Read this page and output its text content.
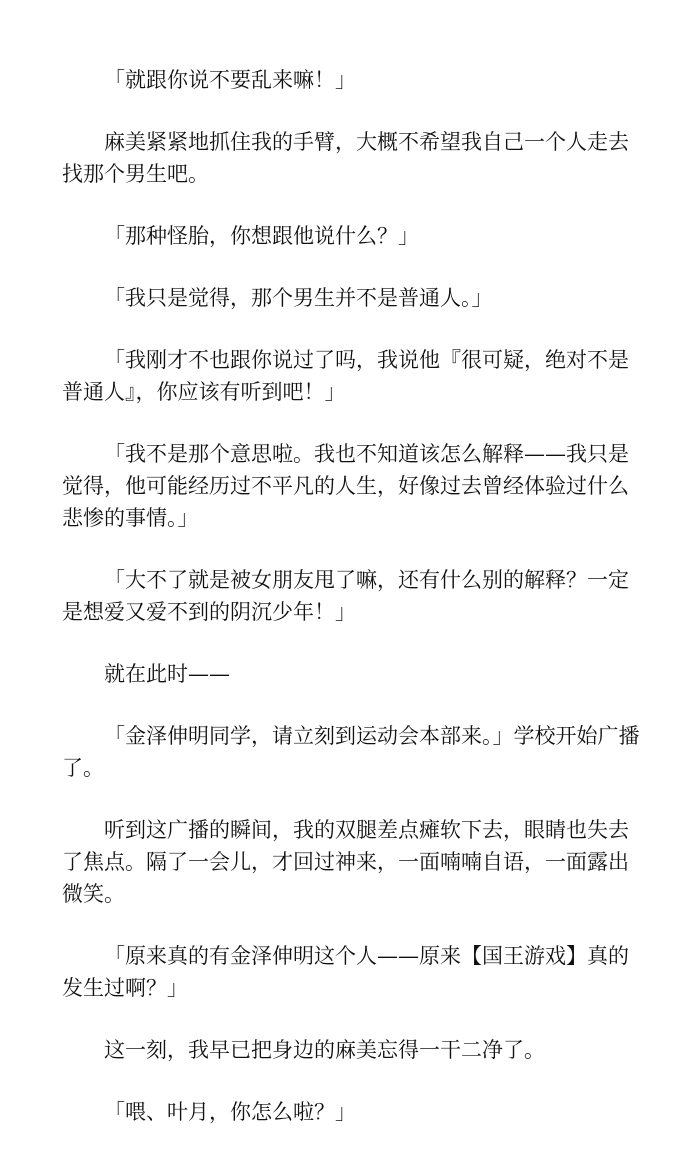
「就跟你说不要乱来嘛！」

麻美紧紧地抓住我的手臂，大概不希望我自己一个人走去找那个男生吧。

「那种怪胎，你想跟他说什么？」

「我只是觉得，那个男生并不是普通人。」

「我刚才不也跟你说过了吗，我说他『很可疑，绝对不是普通人』，你应该有听到吧！」

「我不是那个意思啦。我也不知道该怎么解释——我只是觉得，他可能经历过不平凡的人生，好像过去曾经体验过什么悲惨的事情。」

「大不了就是被女朋友甩了嘛，还有什么别的解释？一定是想爱又爱不到的阴沉少年！」

就在此时——

「金泽伸明同学，请立刻到运动会本部来。」学校开始广播了。

听到这广播的瞬间，我的双腿差点瘫软下去，眼睛也失去了焦点。隔了一会儿，才回过神来，一面喃喃自语，一面露出微笑。

「原来真的有金泽伸明这个人——原来【国王游戏】真的发生过啊？」

这一刻，我早已把身边的麻美忘得一干二净了。

「喂、叶月，你怎么啦？」
